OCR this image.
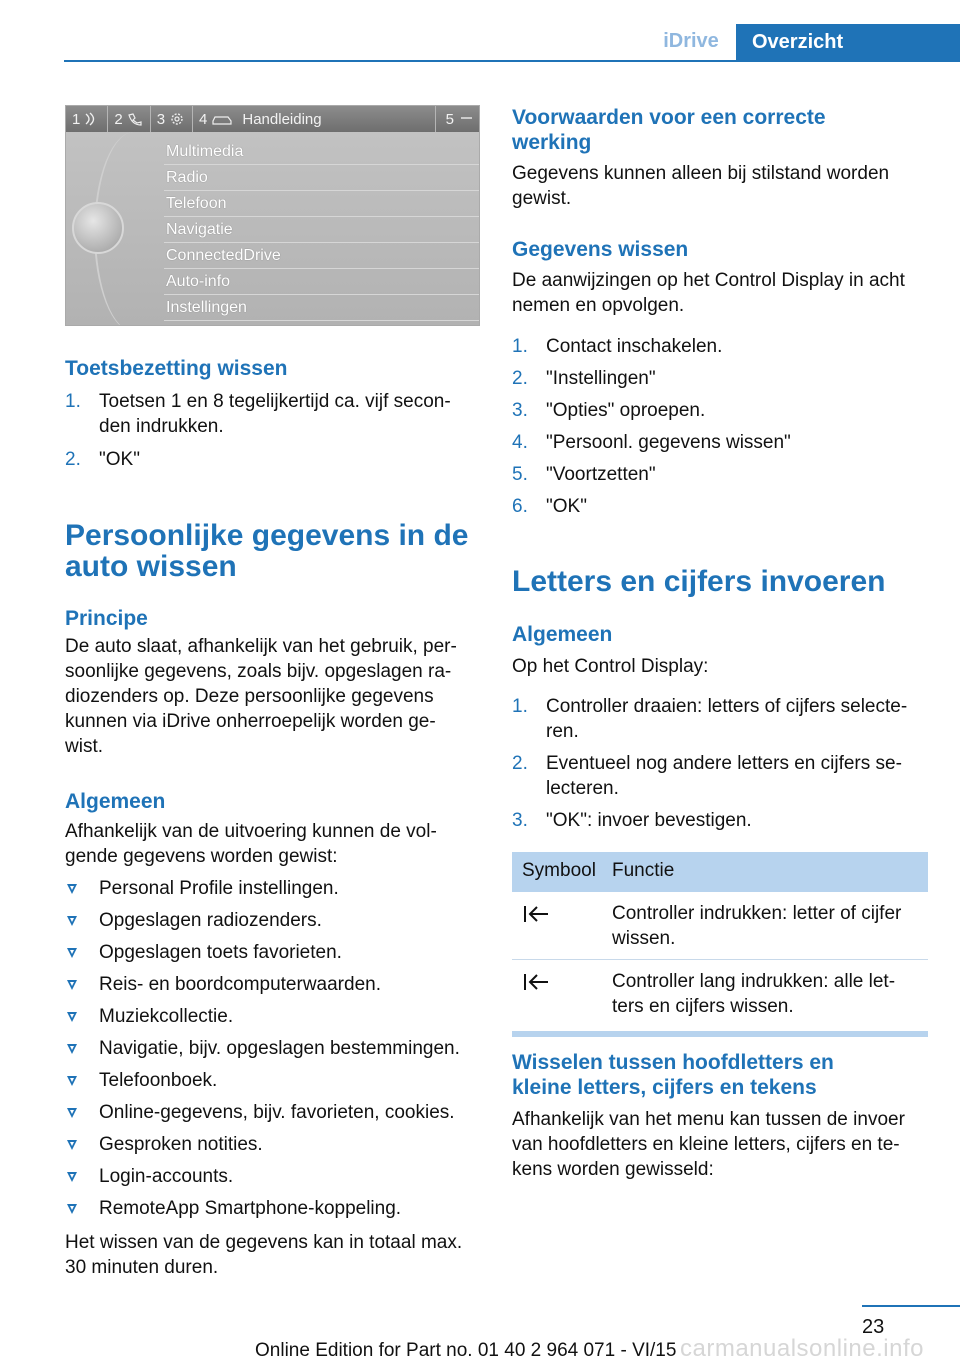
iDrive	Overzicht
1 2 3 4 Handleiding	5
Multimedia
Radio
Telefoon
Navigatie
ConnectedDrive
Auto-info
Instellingen
Toetsbezetting wissen
1. Toetsen 1 en 8 tegelijkertijd ca. vijf secon-
den indrukken.
2. "OK"
Persoonlijke gegevens in de
auto wissen
Principe
De auto slaat, afhankelijk van het gebruik, per-
soonlijke gegevens, zoals bijv. opgeslagen ra-
diozenders op. Deze persoonlijke gegevens
kunnen via iDrive onherroepelijk worden ge-
wist.
Algemeen
Afhankelijk van de uitvoering kunnen de vol-
gende gegevens worden gewist:
Personal Profile instellingen.
Opgeslagen radiozenders.
Opgeslagen toets favorieten.
Reis- en boordcomputerwaarden.
Muziekcollectie.
Navigatie, bijv. opgeslagen bestemmingen.
Telefoonboek.
Online-gegevens, bijv. favorieten, cookies.
Gesproken notities.
Login-accounts.
RemoteApp Smartphone-koppeling.
Het wissen van de gegevens kan in totaal max.
30 minuten duren.
Voorwaarden voor een correcte
werking
Gegevens kunnen alleen bij stilstand worden
gewist.
Gegevens wissen
De aanwijzingen op het Control Display in acht
nemen en opvolgen.
1. Contact inschakelen.
2. "Instellingen"
3. "Opties" oproepen.
4. "Persoonl. gegevens wissen"
5. "Voortzetten"
6. "OK"
Letters en cijfers invoeren
Algemeen
Op het Control Display:
1. Controller draaien: letters of cijfers selecte-
ren.
2. Eventueel nog andere letters en cijfers se-
lecteren.
3. "OK": invoer bevestigen.
Symbool Functie
Controller indrukken: letter of cijfer
wissen.
Controller lang indrukken: alle let-
ters en cijfers wissen.
Wisselen tussen hoofdletters en
kleine letters, cijfers en tekens
Afhankelijk van het menu kan tussen de invoer
van hoofdletters en kleine letters, cijfers en te-
kens worden gewisseld:
23
carmanualsonline.info
Online Edition for Part no. 01 40 2 964 071 - VI/15
